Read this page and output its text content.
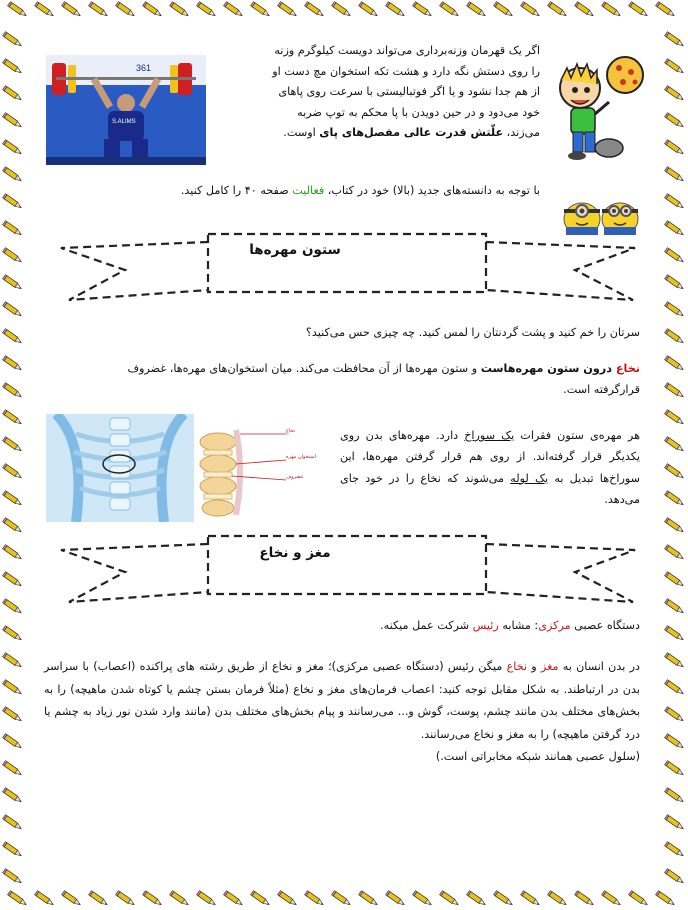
361
S.ALIMS
اگر یک قهرمان وزنه‌برداری می‌تواند دویست کیلوگرم وزنه
را روی دستش نگه دارد و هشت تکه استخوان مچ دست او
از هم جدا نشود و یا اگر فوتبالیستی با سرعت روی پاهای
خود می‌دود و در حین دویدن با پا محکم به توپ ضربه
می‌زند، علّتش قدرت عالی مفصل‌های پای اوست.
با توجه به دانسته‌های جدید (بالا) خود در کتاب، فعالیت صفحه ۴۰ را کامل کنید.
ستون مهره‌ها
سرتان را خم کنید و پشت گردنتان را لمس کنید. چه چیزی حس می‌کنید؟
نخاع درون ستون مهره‌هاست و ستون مهره‌ها از آن محافظت می‌کند. میان استخوان‌های مهره‌ها، غضروف
قرارگرفته است.
نخاع
استخوان مهره
غضروف
هر مهره‌ی ستون فقرات یک سوراخ دارد. مهره‌های بدن روی یکدیگر قرار گرفته‌اند. از روی هم قرار گرفتن مهره‌ها، این سوراخ‌ها تبدیل به یک لوله می‌شوند که نخاع را در خود جای می‌دهد.
مغز و نخاع
دستگاه عصبی مرکزی: مشابه رئیس شرکت عمل میکنه.
در بدن انسان به مغز و نخاع میگن رئیس (دستگاه عصبی مرکزی)؛ مغز و نخاع از طریق رشته های پراکنده (اعصاب) با سراسر بدن در ارتباطند. به شکل مقابل توجه کنید: اعصاب فرمان‌های مغز و نخاع (مثلاً فرمان بستن چشم یا کوتاه شدن ماهیچه) را به بخش‌های مختلف بدن مانند چشم، پوست، گوش و... می‌رسانند و پیام بخش‌های مختلف بدن (مانند وارد شدن نور زیاد به چشم یا درد گرفتن ماهیچه) را به مغز و نخاع می‌رسانند.
(سلول عصبی همانند شبکه مخابراتی است.)
